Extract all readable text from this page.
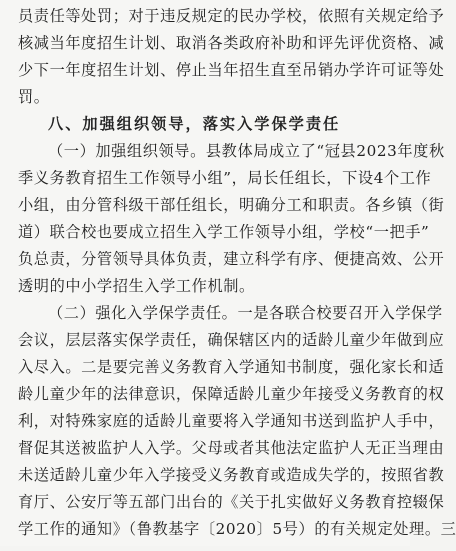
员责任等处罚；对于违反规定的民办学校，依照有关规定给予
核减当年度招生计划、取消各类政府补助和评先评优资格、减
少下一年度招生计划、停止当年招生直至吊销办学许可证等处
罚。
八、加强组织领导，落实入学保学责任
（一）加强组织领导。县教体局成立了“冠县2023年度秋
季义务教育招生工作领导小组”，局长任组长，下设4个工作
小组，由分管科级干部任组长，明确分工和职责。各乡镇（街
道）联合校也要成立招生入学工作领导小组，学校“一把手”
负总责，分管领导具体负责，建立科学有序、便捷高效、公开
透明的中小学招生入学工作机制。
（二）强化入学保学责任。一是各联合校要召开入学保学
会议，层层落实保学责任，确保辖区内的适龄儿童少年做到应
入尽入。二是要完善义务教育入学通知书制度，强化家长和适
龄儿童少年的法律意识，保障适龄儿童少年接受义务教育的权
利，对特殊家庭的适龄儿童要将入学通知书送到监护人手中，
督促其送被监护人入学。父母或者其他法定监护人无正当理由
未送适龄儿童少年入学接受义务教育或造成失学的，按照省教
育厅、公安厅等五部门出台的《关于扎实做好义务教育控辍保
学工作的通知》（鲁教基字〔2020〕5号）的有关规定处理。三
